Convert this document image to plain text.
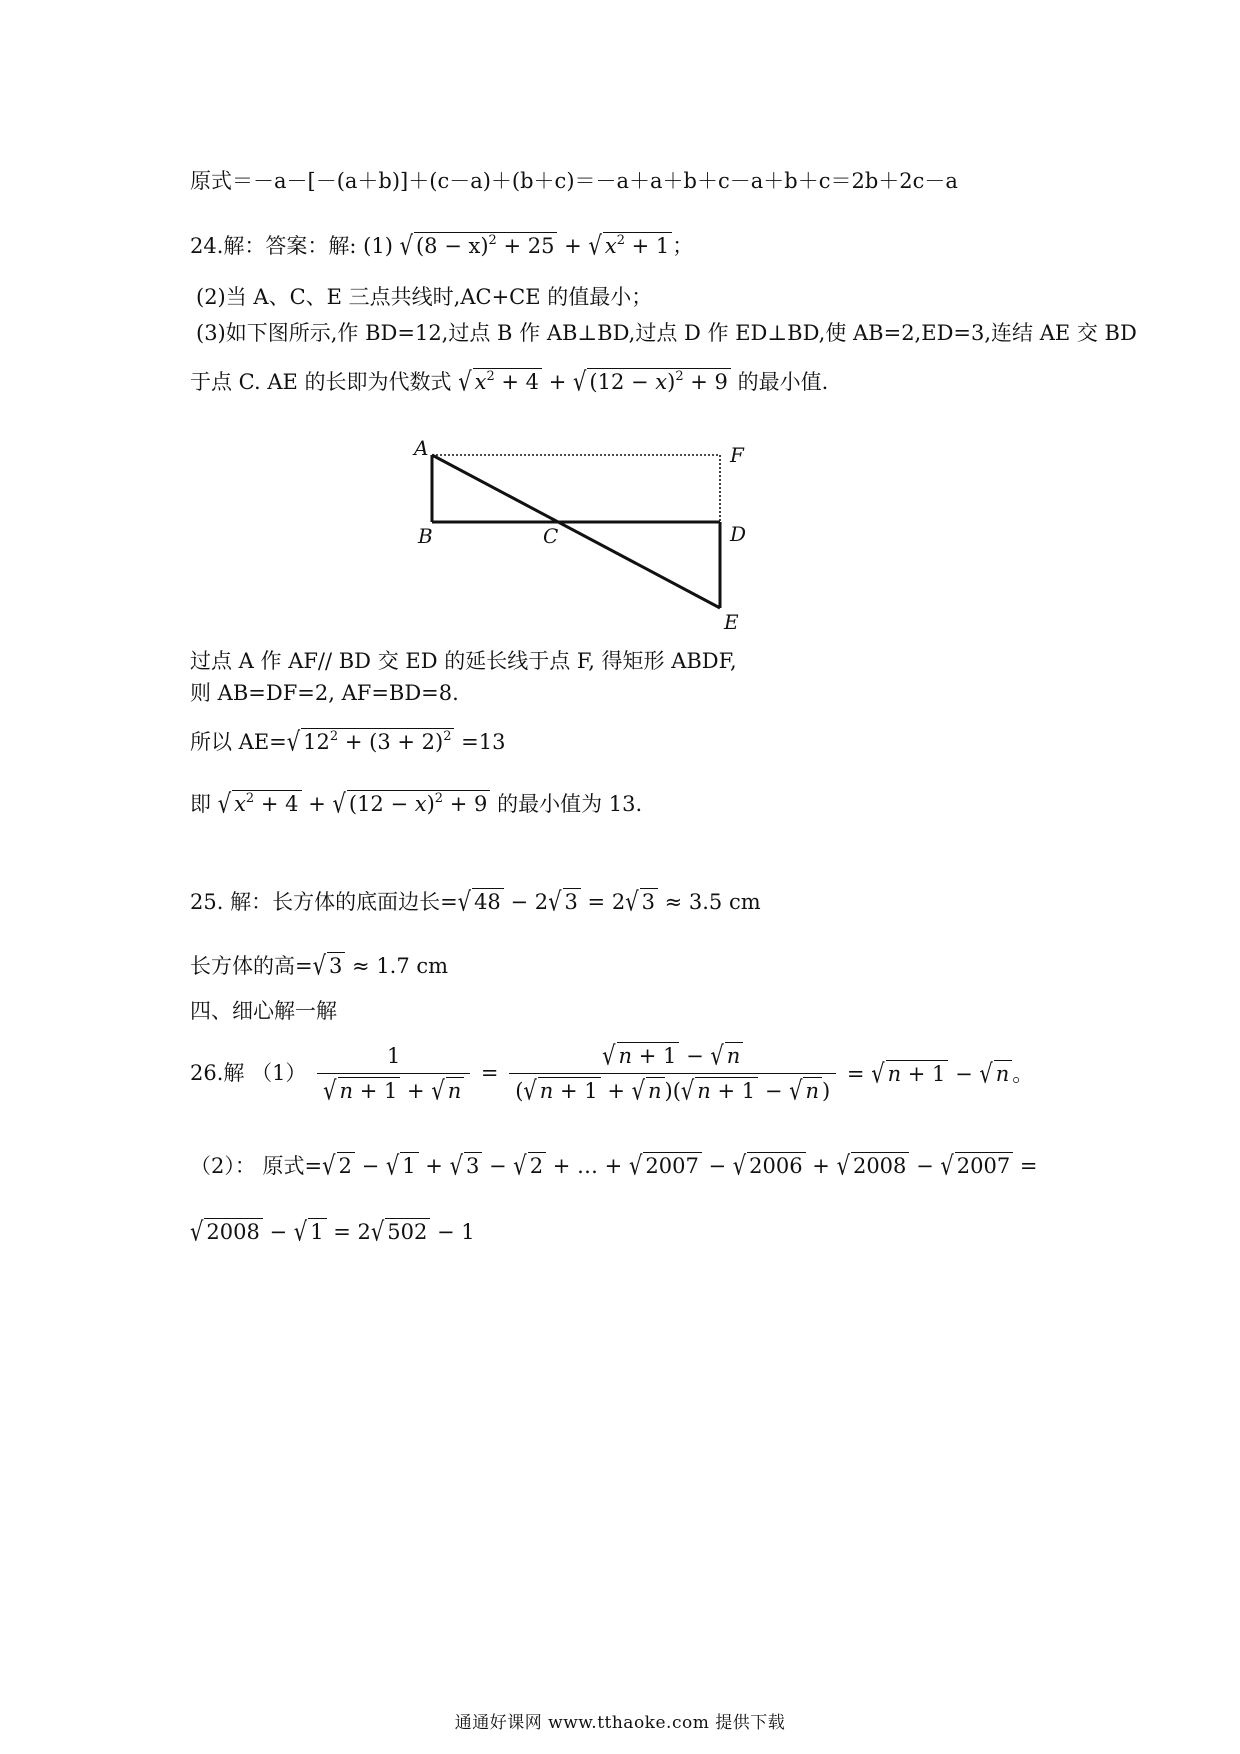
原式＝－a－[－(a＋b)]＋(c－a)＋(b＋c)＝－a＋a＋b＋c－a＋b＋c＝2b＋2c－a
24.解：答案：解: (1) √ $(8 - x)^2 + 25$ + √ $x^2 + 1$ ；
(2)当 A、C、E 三点共线时,AC+CE 的值最小；
(3)如下图所示,作 BD=12,过点 B 作 AB⊥BD,过点 D 作 ED⊥BD,使 AB=2,ED=3,连结 AE 交 BD
于点 C. AE 的长即为代数式 √ $x^2 + 4$ + √ $(12 - x)^2 + 9$ 的最小值.
A	F
B	C	D
E
过点 A 作 AF// BD 交 ED 的延长线于点 F, 得矩形 ABDF,
则 AB=DF=2, AF=BD=8.
所以 AE=√ $12^2 + (3 + 2)^2 =13$
即 √ $x^2 + 4$ + √ $(12 - x)^2 + 9$ 的最小值为 13.
25. 解：长方体的底面边长=√ 48 − 2√ 3 = 2√ 3 ≈ 3.5 cm
长方体的高=√ 3 ≈ 1.7 cm
四、细心解一解
26.解 $(1) \frac{1}{√ n + 1 + √ n} = \frac{√ n + 1 - √ n}{(√ n + 1 + √ n )(√ n + 1 - √ n )}$ = √ n + 1 − √ n 。
（2）： 原式=√ 2 − √ 1 + √ 3 − √ 2 + … + √ 2007 − √ 2006 + √ 2008 − √ 2007 =
√ 2008 − √ 1 = 2√ 502 − 1
通通好课网 www.tthaoke.com 提供下载
